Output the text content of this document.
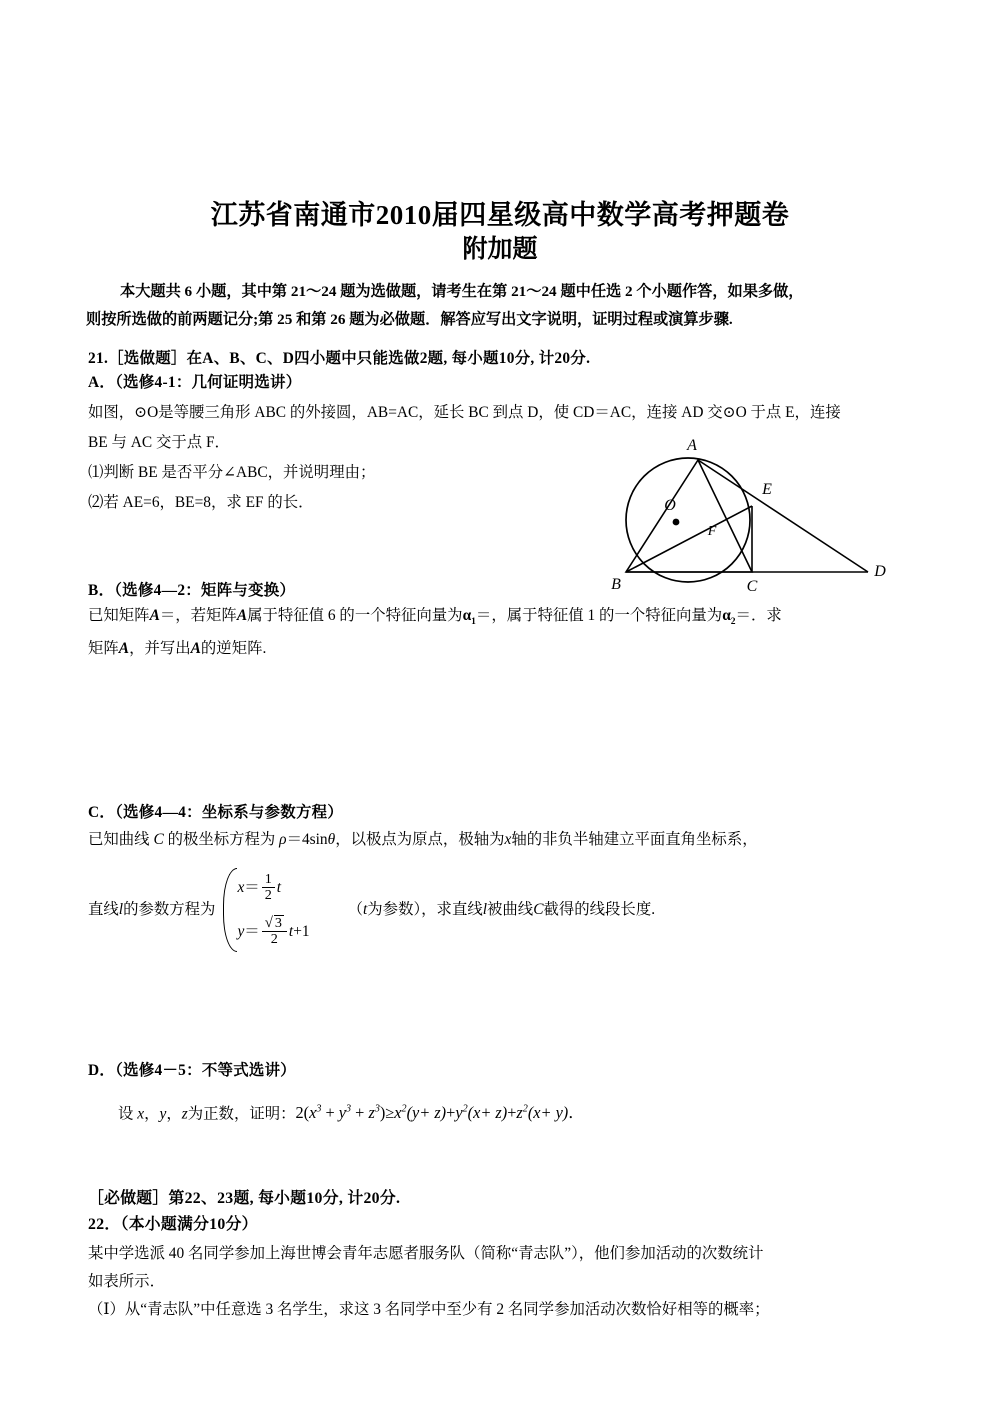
江苏省南通市2010届四星级高中数学高考押题卷
附加题
本大题共 6 小题，其中第 21～24 题为选做题，请考生在第 21～24 题中任选 2 个小题作答，如果多做，
则按所选做的前两题记分;第 25 和第 26 题为必做题．解答应写出文字说明，证明过程或演算步骤.
21.［选做题］在A、B、C、D四小题中只能选做2题, 每小题10分, 计20分.
A．（选修4-1：几何证明选讲）
如图，⊙O是等腰三角形 ABC 的外接圆，AB=AC，延长 BC 到点 D，使 CD＝AC，连接 AD 交⊙O 于点 E，连接
BE 与 AC 交于点 F．
⑴判断 BE 是否平分∠ABC，并说明理由；
⑵若 AE=6，BE=8，求 EF 的长．
A
B	C
D
E
F
O
B．（选修4—2：矩阵与变换）
已知矩阵A＝，若矩阵A属于特征值 6 的一个特征向量为$\alpha_1=$，属于特征值 1 的一个特征向量为$\alpha_2=$．求
矩阵A，并写出A的逆矩阵.
C．（选修4—4：坐标系与参数方程）
已知曲线 C 的极坐标方程为 ρ＝4sinθ，以极点为原点，极轴为x轴的非负半轴建立平面直角坐标系，
直线l的参数方程为
$x= \frac{1}{2}$ t
$y= \frac{√ 3}{2} t+1$
（t为参数），求直线l被曲线C截得的线段长度.
D．（选修4－5：不等式选讲）
设 x，y，z为正数，证明：$2(x^3 + y^3 + z^3)\ge x^2(y+ z)+y^2(x+ z)+z^2(x+ y)$．
［必做题］第22、23题, 每小题10分, 计20分.
22．（本小题满分10分）
某中学选派 40 名同学参加上海世博会青年志愿者服务队（简称“青志队”），他们参加活动的次数统计
如表所示．
（Ⅰ）从“青志队”中任意选 3 名学生，求这 3 名同学中至少有 2 名同学参加活动次数恰好相等的概率；
